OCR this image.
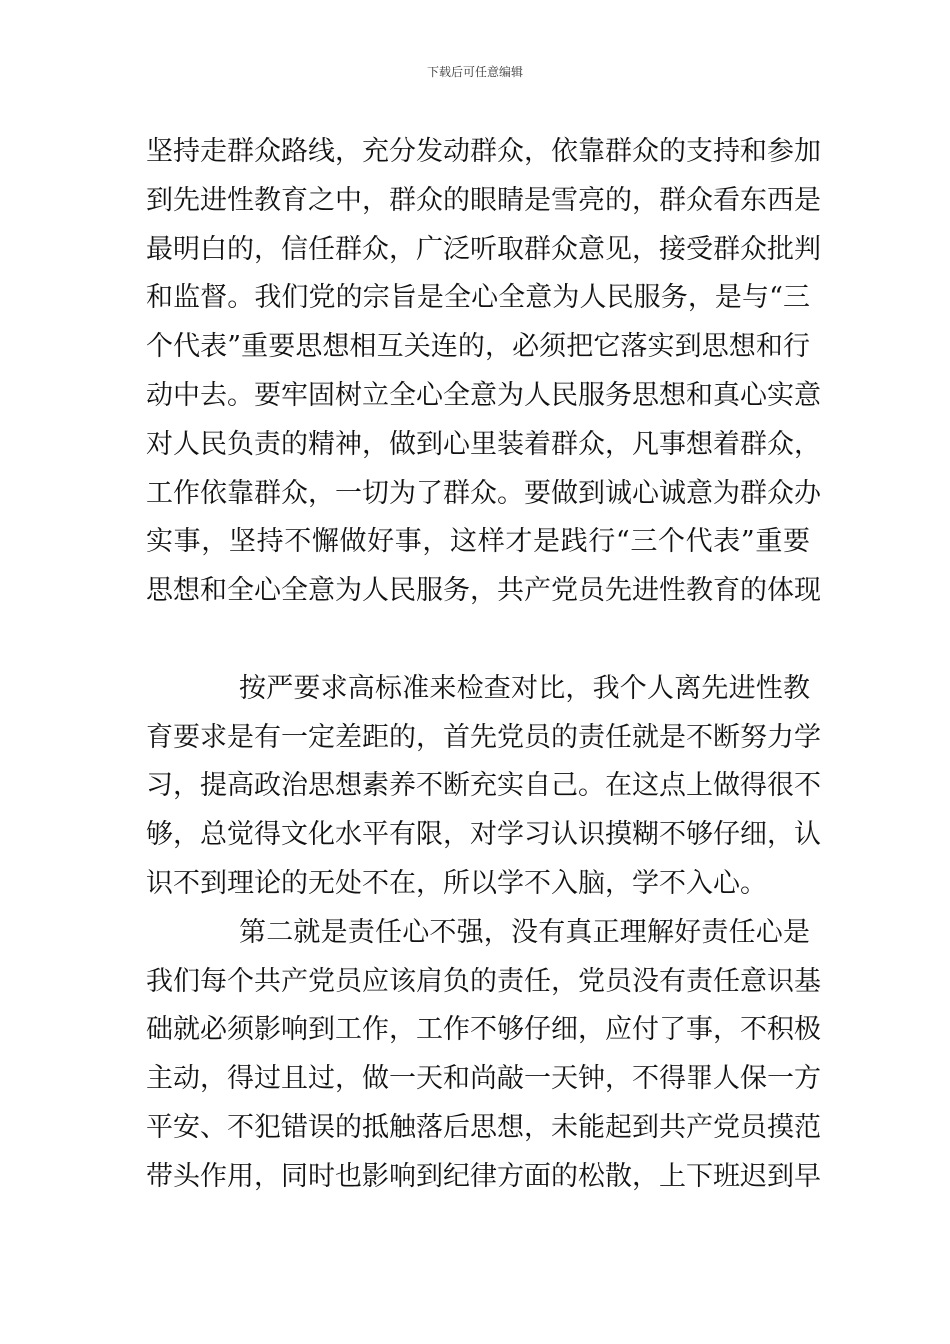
下载后可任意编辑
坚持走群众路线，充分发动群众，依靠群众的支持和参加
到先进性教育之中，群众的眼睛是雪亮的，群众看东西是
最明白的，信任群众，广泛听取群众意见，接受群众批判
和监督。我们党的宗旨是全心全意为人民服务，是与“三
个代表”重要思想相互关连的，必须把它落实到思想和行
动中去。要牢固树立全心全意为人民服务思想和真心实意
对人民负责的精神，做到心里装着群众，凡事想着群众，
工作依靠群众，一切为了群众。要做到诚心诚意为群众办
实事，坚持不懈做好事，这样才是践行“三个代表”重要
思想和全心全意为人民服务，共产党员先进性教育的体现
按严要求高标准来检查对比，我个人离先进性教
育要求是有一定差距的，首先党员的责任就是不断努力学
习，提高政治思想素养不断充实自己。在这点上做得很不
够，总觉得文化水平有限，对学习认识摸糊不够仔细，认
识不到理论的无处不在，所以学不入脑，学不入心。
第二就是责任心不强，没有真正理解好责任心是
我们每个共产党员应该肩负的责任，党员没有责任意识基
础就必须影响到工作，工作不够仔细，应付了事，不积极
主动，得过且过，做一天和尚敲一天钟，不得罪人保一方
平安、不犯错误的抵触落后思想，未能起到共产党员摸范
带头作用，同时也影响到纪律方面的松散，上下班迟到早
